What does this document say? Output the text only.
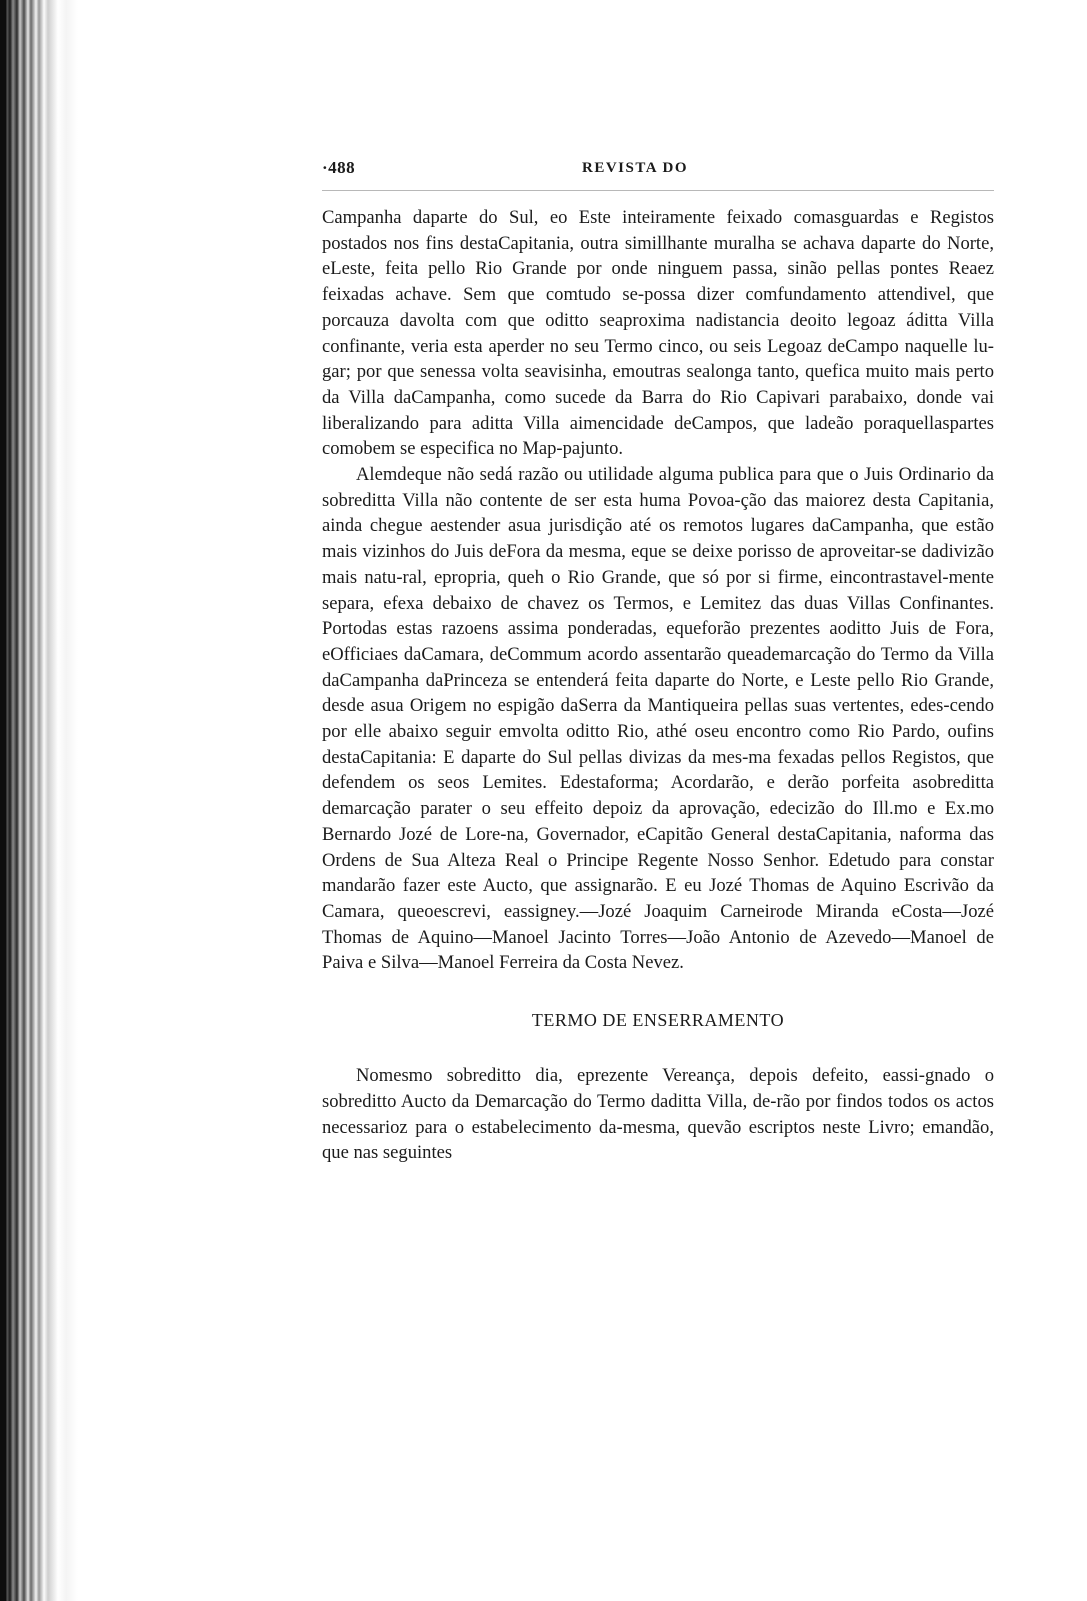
·488	REVISTA DO

Campanha daparte do Sul, eo Este inteiramente feixado comasguardas e Registos postados nos fins destaCapitania, outra simillhante muralha se achava daparte do Norte, eLeste, feita pello Rio Grande por onde ninguem passa, sinão pellas pontes Reaez feixadas achave. Sem que comtudo se-possa dizer comfundamento attendivel, que porcauza davolta com que oditto seaproxima nadistancia deoito legoaz áditta Villa confinante, veria esta aperder no seu Termo cinco, ou seis Legoaz deCampo naquelle lu-gar; por que senessa volta seavisinha, emoutras sealonga tanto, quefica muito mais perto da Villa daCampanha, como sucede da Barra do Rio Capivari parabaixo, donde vai liberalizando para aditta Villa aimencidade deCampos, que ladeão poraquellaspartes comobem se especifica no Map-pajunto.

Alemdeque não sedá razão ou utilidade alguma publica para que o Juis Ordinario da sobreditta Villa não contente de ser esta huma Povoa-ção das maiorez desta Capitania, ainda chegue aestender asua jurisdição até os remotos lugares daCampanha, que estão mais vizinhos do Juis deFora da mesma, eque se deixe porisso de aproveitar-se dadivizão mais natu-ral, epropria, queh o Rio Grande, que só por si firme, eincontrastavel-mente separa, efexa debaixo de chavez os Termos, e Lemitez das duas Villas Confinantes. Portodas estas razoens assima ponderadas, equeforão prezentes aoditto Juis de Fora, eOfficiaes daCamara, deCommum acordo assentarão queademarcação do Termo da Villa daCampanha daPrinceza se entenderá feita daparte do Norte, e Leste pello Rio Grande, desde asua Origem no espigão daSerra da Mantiqueira pellas suas vertentes, edes-cendo por elle abaixo seguir emvolta oditto Rio, athé oseu encontro como Rio Pardo, oufins destaCapitania: E daparte do Sul pellas divizas da mes-ma fexadas pellos Registos, que defendem os seos Lemites. Edestaforma; Acordarão, e derão porfeita asobreditta demarcação parater o seu effeito depoiz da aprovação, edecizão do Ill.mo e Ex.mo Bernardo Jozé de Lore-na, Governador, eCapitão General destaCapitania, naforma das Ordens de Sua Alteza Real o Principe Regente Nosso Senhor. Edetudo para constar mandarão fazer este Aucto, que assignarão. E eu Jozé Thomas de Aquino Escrivão da Camara, queoescrevi, eassigney.—Jozé Joaquim Carneirode Miranda eCosta—Jozé Thomas de Aquino—Manoel Jacinto Torres—João Antonio de Azevedo—Manoel de Paiva e Silva—Manoel Ferreira da Costa Nevez.

TERMO DE ENSERRAMENTO

Nomesmo sobreditto dia, eprezente Vereança, depois defeito, eassi-gnado o sobreditto Aucto da Demarcação do Termo daditta Villa, de-rão por findos todos os actos necessarioz para o estabelecimento da-mesma, quevão escriptos neste Livro; emandão, que nas seguintes
